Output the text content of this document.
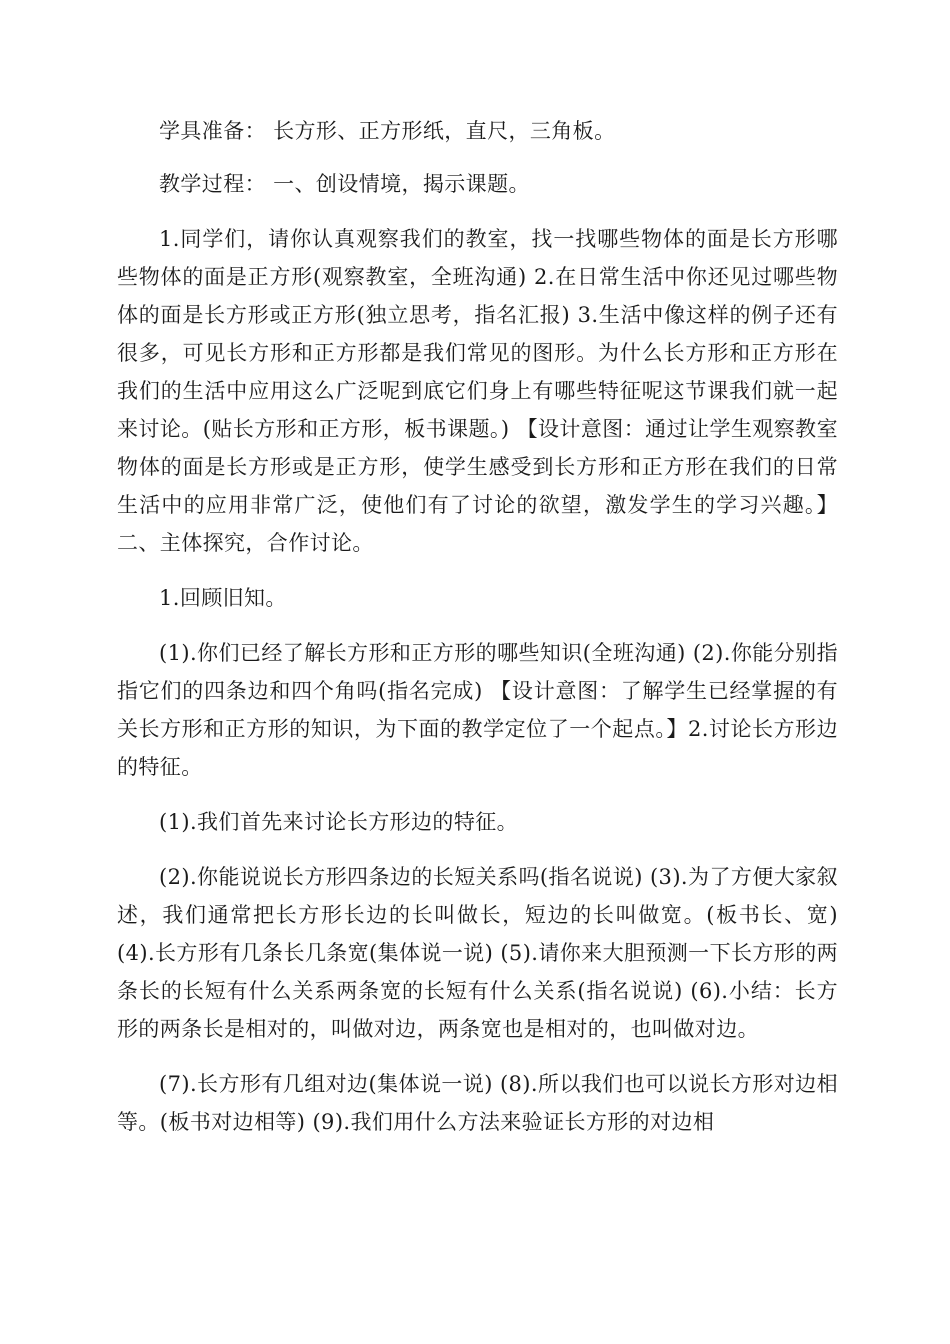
学具准备： 长方形、正方形纸，直尺，三角板。

教学过程： 一、创设情境，揭示课题。

1.同学们，请你认真观察我们的教室，找一找哪些物体的面是长方形哪些物体的面是正方形(观察教室，全班沟通) 2.在日常生活中你还见过哪些物体的面是长方形或正方形(独立思考，指名汇报) 3.生活中像这样的例子还有很多，可见长方形和正方形都是我们常见的图形。为什么长方形和正方形在我们的生活中应用这么广泛呢到底它们身上有哪些特征呢这节课我们就一起来讨论。(贴长方形和正方形，板书课题。) 【设计意图：通过让学生观察教室物体的面是长方形或是正方形，使学生感受到长方形和正方形在我们的日常生活中的应用非常广泛，使他们有了讨论的欲望，激发学生的学习兴趣。】 二、主体探究，合作讨论。

1.回顾旧知。

(1).你们已经了解长方形和正方形的哪些知识(全班沟通) (2).你能分别指指它们的四条边和四个角吗(指名完成) 【设计意图：了解学生已经掌握的有关长方形和正方形的知识，为下面的教学定位了一个起点。】2.讨论长方形边的特征。

(1).我们首先来讨论长方形边的特征。

(2).你能说说长方形四条边的长短关系吗(指名说说) (3).为了方便大家叙述，我们通常把长方形长边的长叫做长，短边的长叫做宽。(板书长、宽) (4).长方形有几条长几条宽(集体说一说) (5).请你来大胆预测一下长方形的两条长的长短有什么关系两条宽的长短有什么关系(指名说说) (6).小结：长方形的两条长是相对的，叫做对边，两条宽也是相对的，也叫做对边。

(7).长方形有几组对边(集体说一说) (8).所以我们也可以说长方形对边相等。(板书对边相等) (9).我们用什么方法来验证长方形的对边相
